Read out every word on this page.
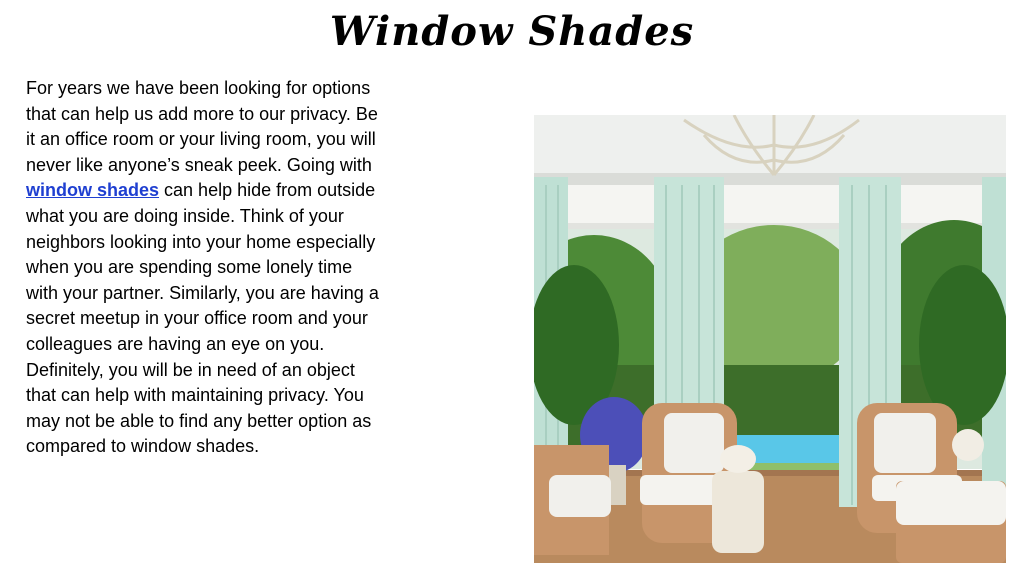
Window Shades

For years we have been looking for options that can help us add more to our privacy. Be it an office room or your living room, you will never like anyone’s sneak peek. Going with window shades can help hide from outside what you are doing inside. Think of your neighbors looking into your home especially when you are spending some lonely time with your partner. Similarly, you are having a secret meetup in your office room and your colleagues are having an eye on you. Definitely, you will be in need of an object that can help with maintaining privacy. You may not be able to find any better option as compared to window shades.
